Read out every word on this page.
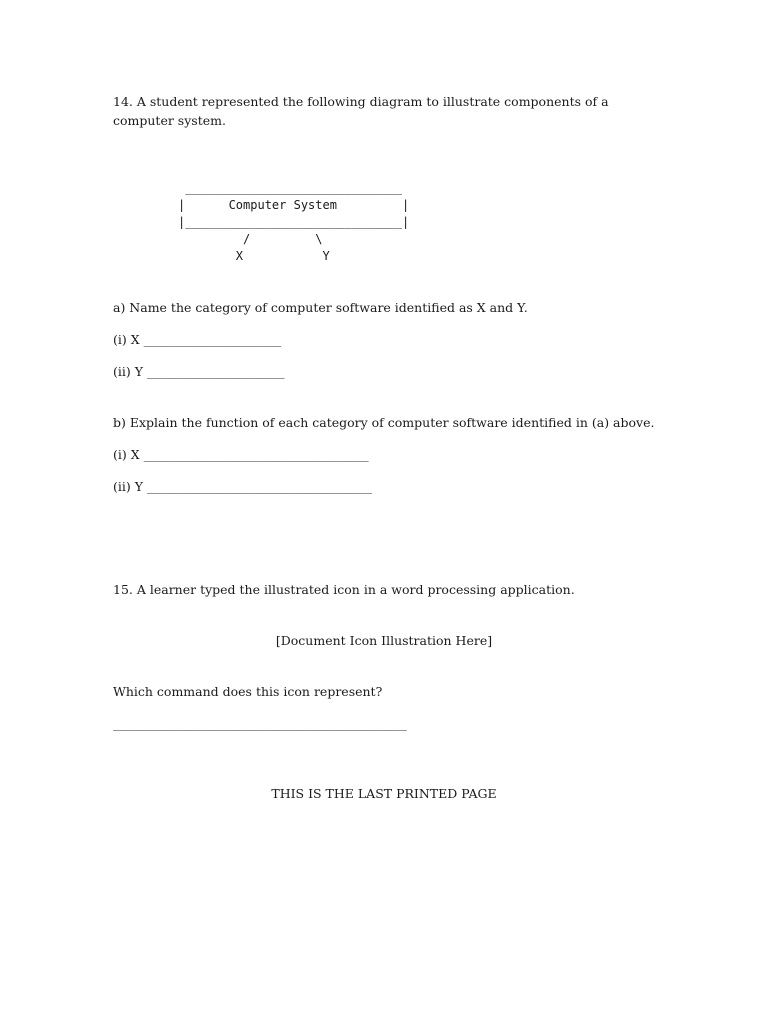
14. A student represented the following diagram to illustrate components of a computer system.

______________________________
|      Computer System         |
|______________________________|
/         \
X           Y

a) Name the category of computer software identified as X and Y.

(i) X ______________________

(ii) Y ______________________

b) Explain the function of each category of computer software identified in (a) above.

(i) X ____________________________________

(ii) Y ____________________________________

15. A learner typed the illustrated icon in a word processing application.

[Document Icon Illustration Here]

Which command does this icon represent?

_______________________________________________

THIS IS THE LAST PRINTED PAGE
